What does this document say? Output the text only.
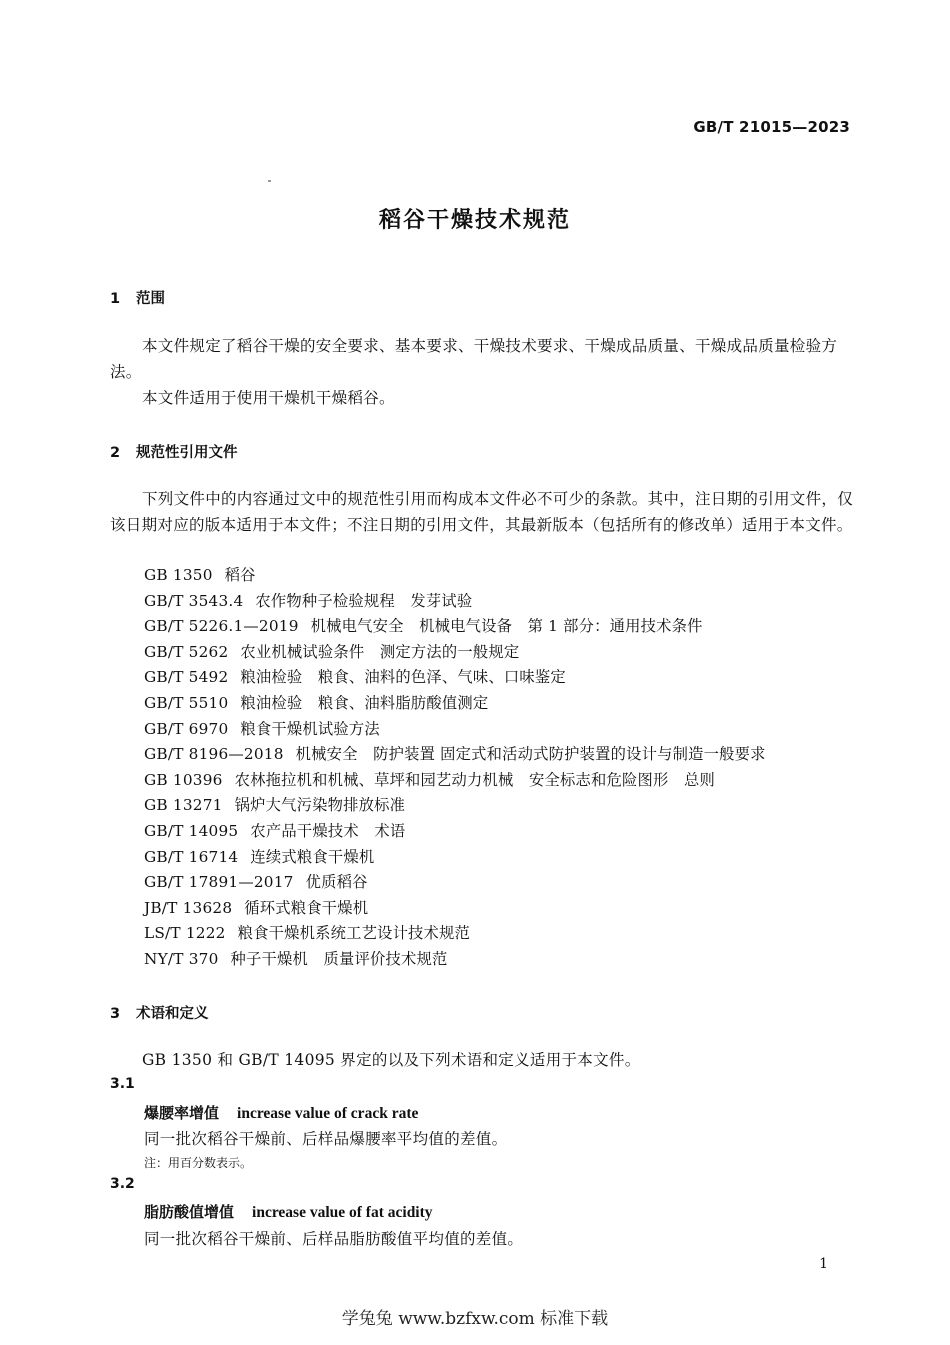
GB/T 21015—2023
稻谷干燥技术规范
1 范围
本文件规定了稻谷干燥的安全要求、基本要求、干燥技术要求、干燥成品质量、干燥成品质量检验方法。
本文件适用于使用干燥机干燥稻谷。
2 规范性引用文件
下列文件中的内容通过文中的规范性引用而构成本文件必不可少的条款。其中，注日期的引用文件，仅该日期对应的版本适用于本文件；不注日期的引用文件，其最新版本（包括所有的修改单）适用于本文件。
GB 1350 稻谷
GB/T 3543.4 农作物种子检验规程　发芽试验
GB/T 5226.1—2019 机械电气安全　机械电气设备　第 1 部分：通用技术条件
GB/T 5262 农业机械试验条件　测定方法的一般规定
GB/T 5492 粮油检验　粮食、油料的色泽、气味、口味鉴定
GB/T 5510 粮油检验　粮食、油料脂肪酸值测定
GB/T 6970 粮食干燥机试验方法
GB/T 8196—2018 机械安全　防护装置 固定式和活动式防护装置的设计与制造一般要求
GB 10396 农林拖拉机和机械、草坪和园艺动力机械　安全标志和危险图形　总则
GB 13271 锅炉大气污染物排放标准
GB/T 14095 农产品干燥技术　术语
GB/T 16714 连续式粮食干燥机
GB/T 17891—2017 优质稻谷
JB/T 13628 循环式粮食干燥机
LS/T 1222 粮食干燥机系统工艺设计技术规范
NY/T 370 种子干燥机　质量评价技术规范
3 术语和定义
GB 1350 和 GB/T 14095 界定的以及下列术语和定义适用于本文件。
3.1
爆腰率增值 increase value of crack rate
同一批次稻谷干燥前、后样品爆腰率平均值的差值。
注：用百分数表示。
3.2
脂肪酸值增值 increase value of fat acidity
同一批次稻谷干燥前、后样品脂肪酸值平均值的差值。
1
学兔兔 www.bzfxw.com 标准下载
